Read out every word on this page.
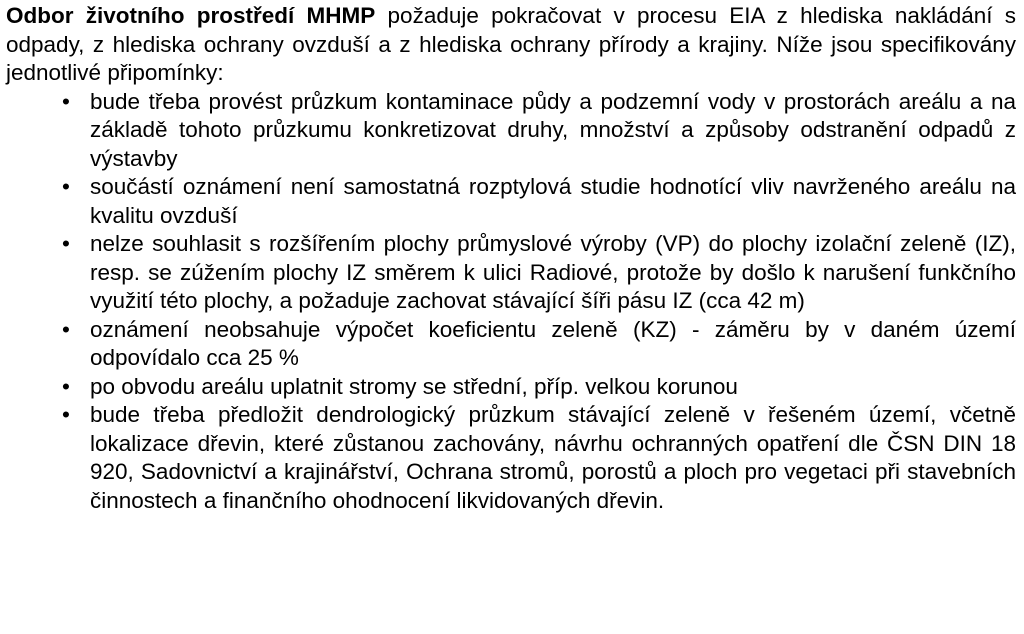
Odbor životního prostředí MHMP požaduje pokračovat v procesu EIA z hlediska nakládání s odpady, z hlediska ochrany ovzduší a z hlediska ochrany přírody a krajiny. Níže jsou specifikovány jednotlivé připomínky:

• bude třeba provést průzkum kontaminace půdy a podzemní vody v prostorách areálu a na základě tohoto průzkumu konkretizovat druhy, množství a způsoby odstranění odpadů z výstavby
• součástí oznámení není samostatná rozptylová studie hodnotící vliv navrženého areálu na kvalitu ovzduší
• nelze souhlasit s rozšířením plochy průmyslové výroby (VP) do plochy izolační zeleně (IZ), resp. se zúžením plochy IZ směrem k ulici Radiové, protože by došlo k narušení funkčního využití této plochy, a požaduje zachovat stávající šíři pásu IZ (cca 42 m)
• oznámení neobsahuje výpočet koeficientu zeleně (KZ) - záměru by v daném území odpovídalo cca 25 %
• po obvodu areálu uplatnit stromy se střední, příp. velkou korunou
• bude třeba předložit dendrologický průzkum stávající zeleně v řešeném území, včetně lokalizace dřevin, které zůstanou zachovány, návrhu ochranných opatření dle ČSN DIN 18 920, Sadovnictví a krajinářství, Ochrana stromů, porostů a ploch pro vegetaci při stavebních činnostech a finančního ohodnocení likvidovaných dřevin.
